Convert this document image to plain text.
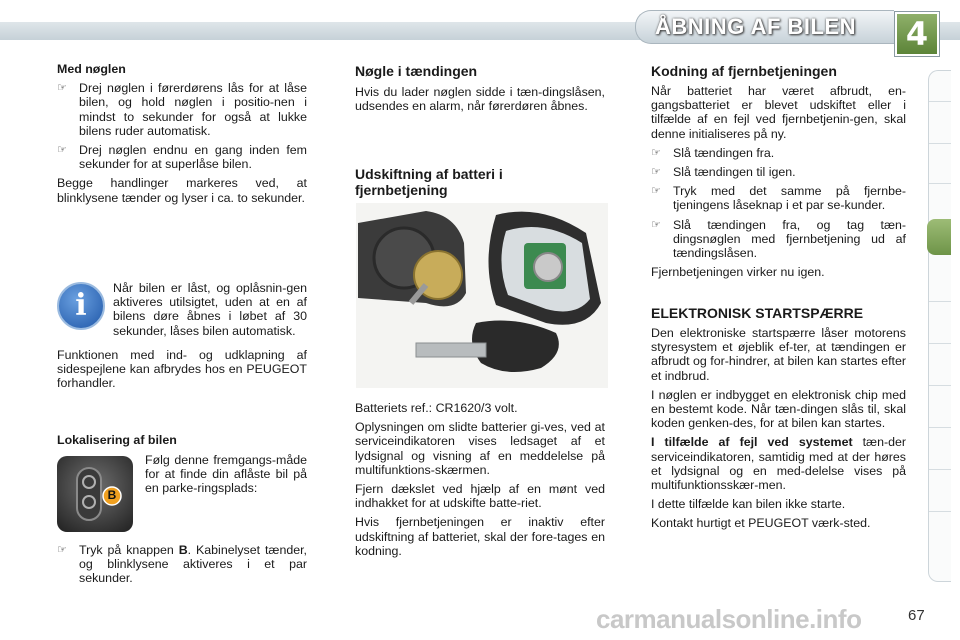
ÅBNING AF BILEN	4

Med nøglen

☞ Drej nøglen i førerdørens lås for at låse bilen, og hold nøglen i positio-nen i mindst to sekunder for også at lukke bilens ruder automatisk.
☞ Drej nøglen endnu en gang inden fem sekunder for at superlåse bilen.

Begge handlinger markeres ved, at blinklysene tænder og lyser i ca. to sekunder.

i	Når bilen er låst, og oplåsnin-gen aktiveres utilsigtet, uden at en af bilens døre åbnes i løbet af 30 sekunder, låses bilen automatisk.
Funktionen med ind- og udklapning af sidespejlene kan afbrydes hos en PEUGEOT forhandler.
Lokalisering af bilen
B
Følg denne fremgangs-måde for at finde din aflåste bil på en parke-ringsplads:
☞ Tryk på knappen B. Kabinelyset tænder, og blinklysene aktiveres i et par sekunder.
Nøgle i tændingen
Hvis du lader nøglen sidde i tæn-dingslåsen, udsendes en alarm, når førerdøren åbnes.
Udskiftning af batteri i fjernbetjening

Batteriets ref.: CR1620/3 volt.

Oplysningen om slidte batterier gi-ves, ved at serviceindikatoren vises ledsaget af et lydsignal og visning af en meddelelse på multifunktions-skærmen.

Fjern dækslet ved hjælp af en mønt ved indhakket for at udskifte batte-riet.

Hvis fjernbetjeningen er inaktiv efter udskiftning af batteriet, skal der fore-tages en kodning.

Kodning af fjernbetjeningen

Når batteriet har været afbrudt, en-gangsbatteriet er blevet udskiftet eller i tilfælde af en fejl ved fjernbetjenin-gen, skal denne initialiseres på ny.

☞ Slå tændingen fra.
☞ Slå tændingen til igen.
☞ Tryk med det samme på fjernbe-tjeningens låseknap i et par se-kunder.
☞ Slå tændingen fra, og tag tæn-dingsnøglen med fjernbetjening ud af tændingslåsen.

Fjernbetjeningen virker nu igen.

ELEKTRONISK STARTSPÆRRE

Den elektroniske startspærre låser motorens styresystem et øjeblik ef-ter, at tændingen er afbrudt og for-hindrer, at bilen kan startes efter et indbrud.

I nøglen er indbygget en elektronisk chip med en bestemt kode. Når tæn-dingen slås til, skal koden genken-des, for at bilen kan startes.

I tilfælde af fejl ved systemet tæn-der serviceindikatoren, samtidig med at der høres et lydsignal og en med-delelse vises på multifunktionsskær-men.

I dette tilfælde kan bilen ikke starte.

Kontakt hurtigt et PEUGEOT værk-sted.

carmanualsonline.info	67
